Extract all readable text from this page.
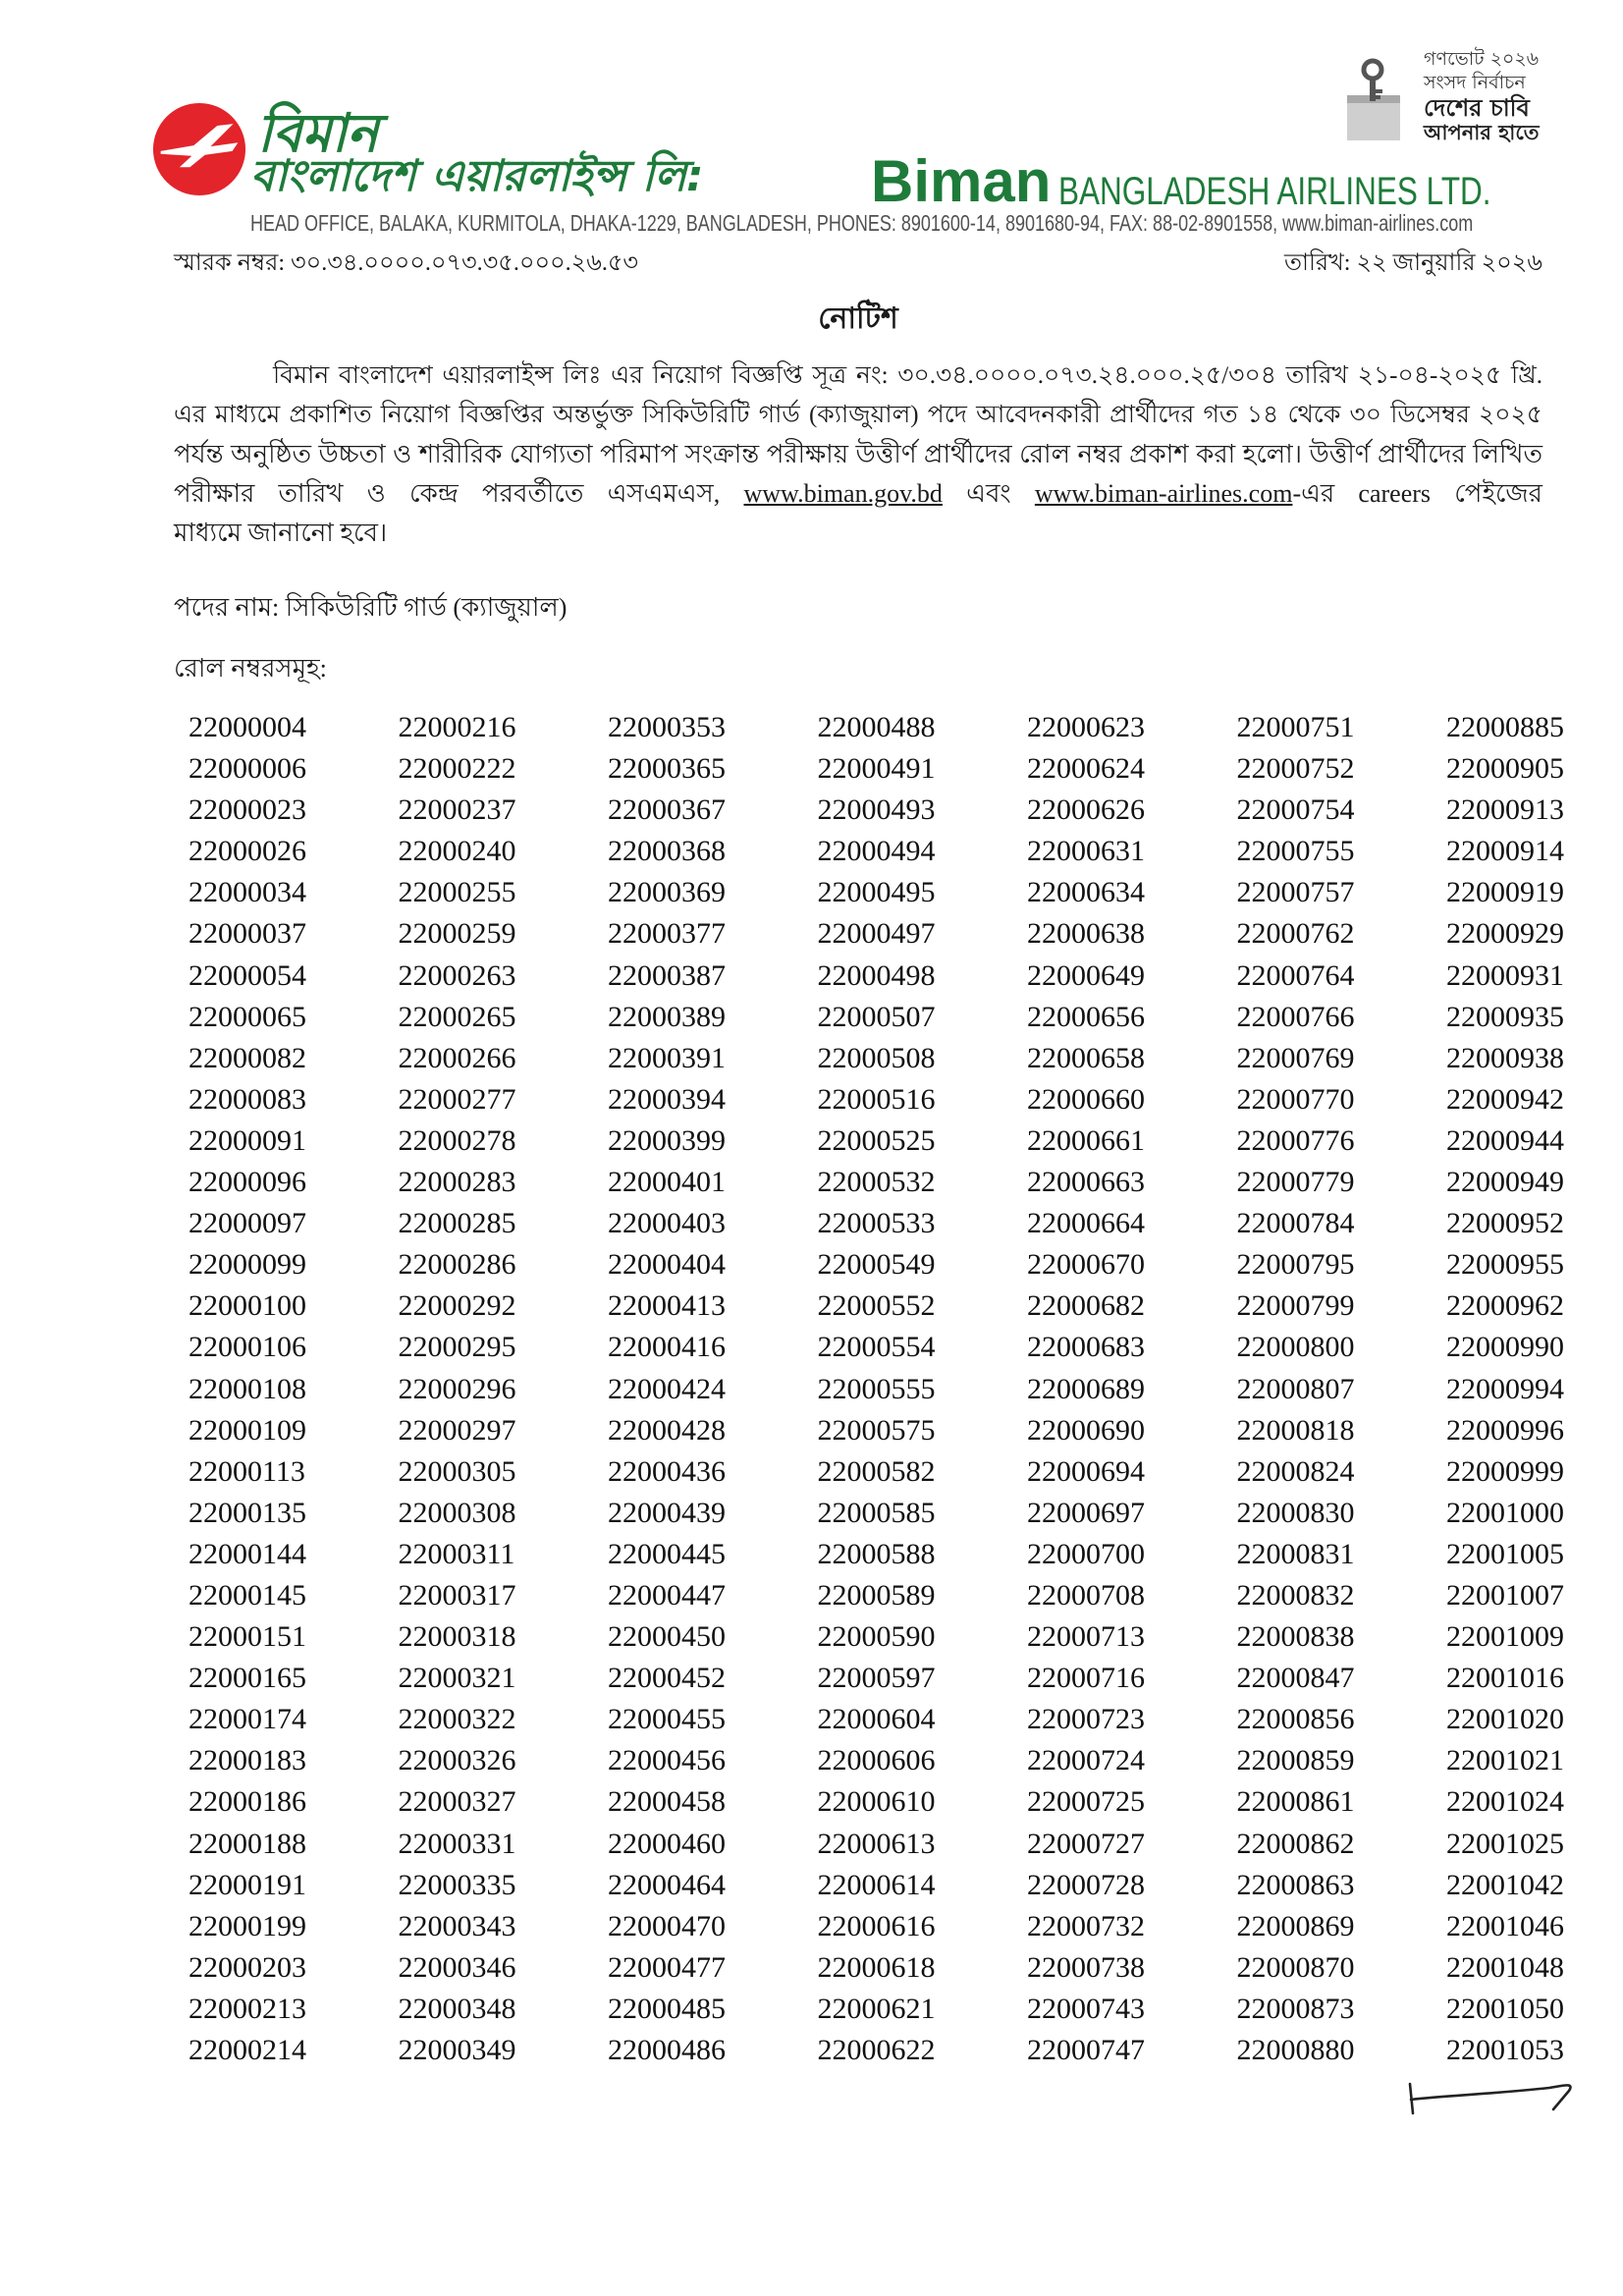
বিমান
বাংলাদেশ এয়ারলাইন্স লি:	Biman BANGLADESH AIRLINES LTD.
HEAD OFFICE, BALAKA, KURMITOLA, DHAKA-1229, BANGLADESH, PHONES: 8901600-14, 8901680-94, FAX: 88-02-8901558, www.biman-airlines.com
গণভোট ২০২৬
সংসদ নির্বাচন
দেশের চাবি
আপনার হাতে
স্মারক নম্বর: ৩০.৩৪.০০০০.০৭৩.৩৫.০০০.২৬.৫৩	তারিখ: ২২ জানুয়ারি ২০২৬
নোটিশ
বিমান বাংলাদেশ এয়ারলাইন্স লিঃ এর নিয়োগ বিজ্ঞপ্তি সূত্র নং: ৩০.৩৪.০০০০.০৭৩.২৪.০০০.২৫/৩০৪ তারিখ ২১-০৪-২০২৫ খ্রি.
এর মাধ্যমে প্রকাশিত নিয়োগ বিজ্ঞপ্তির অন্তর্ভুক্ত সিকিউরিটি গার্ড (ক্যাজুয়াল) পদে আবেদনকারী প্রার্থীদের গত ১৪ থেকে ৩০ ডিসেম্বর ২০২৫
পর্যন্ত অনুষ্ঠিত উচ্চতা ও শারীরিক যোগ্যতা পরিমাপ সংক্রান্ত পরীক্ষায় উত্তীর্ণ প্রার্থীদের রোল নম্বর প্রকাশ করা হলো। উত্তীর্ণ প্রার্থীদের লিখিত
পরীক্ষার তারিখ ও কেন্দ্র পরবর্তীতে এসএমএস, www.biman.gov.bd এবং www.biman-airlines.com-এর careers পেইজের
মাধ্যমে জানানো হবে।
পদের নাম: সিকিউরিটি গার্ড (ক্যাজুয়াল)
রোল নম্বরসমূহ:
22000004
22000006
22000023
22000026
22000034
22000037
22000054
22000065
22000082
22000083
22000091
22000096
22000097
22000099
22000100
22000106
22000108
22000109
22000113
22000135
22000144
22000145
22000151
22000165
22000174
22000183
22000186
22000188
22000191
22000199
22000203
22000213
22000214
22000216
22000222
22000237
22000240
22000255
22000259
22000263
22000265
22000266
22000277
22000278
22000283
22000285
22000286
22000292
22000295
22000296
22000297
22000305
22000308
22000311
22000317
22000318
22000321
22000322
22000326
22000327
22000331
22000335
22000343
22000346
22000348
22000349
22000353
22000365
22000367
22000368
22000369
22000377
22000387
22000389
22000391
22000394
22000399
22000401
22000403
22000404
22000413
22000416
22000424
22000428
22000436
22000439
22000445
22000447
22000450
22000452
22000455
22000456
22000458
22000460
22000464
22000470
22000477
22000485
22000486
22000488
22000491
22000493
22000494
22000495
22000497
22000498
22000507
22000508
22000516
22000525
22000532
22000533
22000549
22000552
22000554
22000555
22000575
22000582
22000585
22000588
22000589
22000590
22000597
22000604
22000606
22000610
22000613
22000614
22000616
22000618
22000621
22000622
22000623
22000624
22000626
22000631
22000634
22000638
22000649
22000656
22000658
22000660
22000661
22000663
22000664
22000670
22000682
22000683
22000689
22000690
22000694
22000697
22000700
22000708
22000713
22000716
22000723
22000724
22000725
22000727
22000728
22000732
22000738
22000743
22000747
22000751
22000752
22000754
22000755
22000757
22000762
22000764
22000766
22000769
22000770
22000776
22000779
22000784
22000795
22000799
22000800
22000807
22000818
22000824
22000830
22000831
22000832
22000838
22000847
22000856
22000859
22000861
22000862
22000863
22000869
22000870
22000873
22000880
22000885
22000905
22000913
22000914
22000919
22000929
22000931
22000935
22000938
22000942
22000944
22000949
22000952
22000955
22000962
22000990
22000994
22000996
22000999
22001000
22001005
22001007
22001009
22001016
22001020
22001021
22001024
22001025
22001042
22001046
22001048
22001050
22001053
